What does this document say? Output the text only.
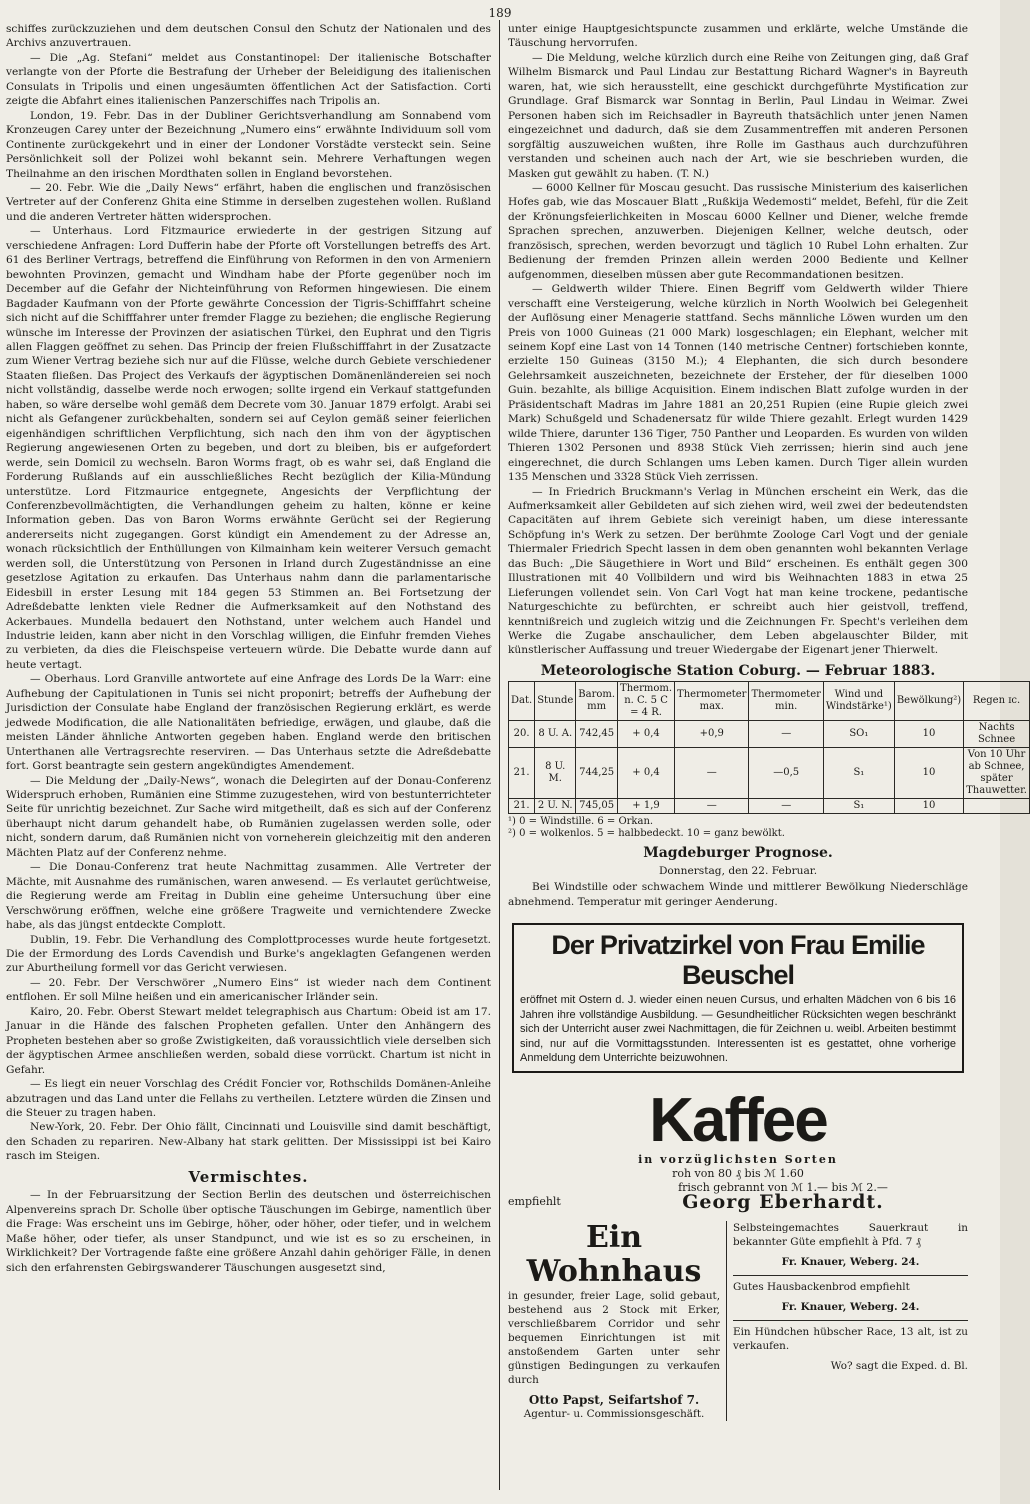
189

schiffes zurückzuziehen und dem deutschen Consul den Schutz der Nationalen und des Archivs anzuvertrauen.

— Die „Ag. Stefani“ meldet aus Constantinopel: Der italienische Botschafter verlangte von der Pforte die Bestrafung der Urheber der Beleidigung des italienischen Consulats in Tripolis und einen ungesäumten öffentlichen Act der Satisfaction. Corti zeigte die Abfahrt eines italienischen Panzerschiffes nach Tripolis an.

London, 19. Febr. Das in der Dubliner Gerichtsverhandlung am Sonnabend vom Kronzeugen Carey unter der Bezeichnung „Numero eins“ erwähnte Individuum soll vom Continente zurückgekehrt und in einer der Londoner Vorstädte versteckt sein. Seine Persönlichkeit soll der Polizei wohl bekannt sein. Mehrere Verhaftungen wegen Theilnahme an den irischen Mordthaten sollen in England bevorstehen.

— 20. Febr. Wie die „Daily News“ erfährt, haben die englischen und französischen Vertreter auf der Conferenz Ghita eine Stimme in derselben zugestehen wollen. Rußland und die anderen Vertreter hätten widersprochen.

— Unterhaus. Lord Fitzmaurice erwiederte in der gestrigen Sitzung auf verschiedene Anfragen: Lord Dufferin habe der Pforte oft Vorstellungen betreffs des Art. 61 des Berliner Vertrags, betreffend die Einführung von Reformen in den von Armeniern bewohnten Provinzen, gemacht und Windham habe der Pforte gegenüber noch im December auf die Gefahr der Nichteinführung von Reformen hingewiesen. Die einem Bagdader Kaufmann von der Pforte gewährte Concession der Tigris-Schifffahrt scheine sich nicht auf die Schifffahrer unter fremder Flagge zu beziehen; die englische Regierung wünsche im Interesse der Provinzen der asiatischen Türkei, den Euphrat und den Tigris allen Flaggen geöffnet zu sehen. Das Princip der freien Flußschifffahrt in der Zusatzacte zum Wiener Vertrag beziehe sich nur auf die Flüsse, welche durch Gebiete verschiedener Staaten fließen. Das Project des Verkaufs der ägyptischen Domänenländereien sei noch nicht vollständig, dasselbe werde noch erwogen; sollte irgend ein Verkauf stattgefunden haben, so wäre derselbe wohl gemäß dem Decrete vom 30. Januar 1879 erfolgt. Arabi sei nicht als Gefangener zurückbehalten, sondern sei auf Ceylon gemäß seiner feierlichen eigenhändigen schriftlichen Verpflichtung, sich nach den ihm von der ägyptischen Regierung angewiesenen Orten zu begeben, und dort zu bleiben, bis er aufgefordert werde, sein Domicil zu wechseln. Baron Worms fragt, ob es wahr sei, daß England die Forderung Rußlands auf ein ausschließliches Recht bezüglich der Kilia-Mündung unterstütze. Lord Fitzmaurice entgegnete, Angesichts der Verpflichtung der Conferenzbevollmächtigten, die Verhandlungen geheim zu halten, könne er keine Information geben. Das von Baron Worms erwähnte Gerücht sei der Regierung andererseits nicht zugegangen. Gorst kündigt ein Amendement zu der Adresse an, wonach rücksichtlich der Enthüllungen von Kilmainham kein weiterer Versuch gemacht werden soll, die Unterstützung von Personen in Irland durch Zugeständnisse an eine gesetzlose Agitation zu erkaufen. Das Unterhaus nahm dann die parlamentarische Eidesbill in erster Lesung mit 184 gegen 53 Stimmen an. Bei Fortsetzung der Adreßdebatte lenkten viele Redner die Aufmerksamkeit auf den Nothstand des Ackerbaues. Mundella bedauert den Nothstand, unter welchem auch Handel und Industrie leiden, kann aber nicht in den Vorschlag willigen, die Einfuhr fremden Viehes zu verbieten, da dies die Fleischspeise verteuern würde. Die Debatte wurde dann auf heute vertagt.

— Oberhaus. Lord Granville antwortete auf eine Anfrage des Lords De la Warr: eine Aufhebung der Capitulationen in Tunis sei nicht proponirt; betreffs der Aufhebung der Jurisdiction der Consulate habe England der französischen Regierung erklärt, es werde jedwede Modification, die alle Nationalitäten befriedige, erwägen, und glaube, daß die meisten Länder ähnliche Antworten gegeben haben. England werde den britischen Unterthanen alle Vertragsrechte reserviren. — Das Unterhaus setzte die Adreßdebatte fort. Gorst beantragte sein gestern angekündigtes Amendement.

— Die Meldung der „Daily-News“, wonach die Delegirten auf der Donau-Conferenz Widerspruch erhoben, Rumänien eine Stimme zuzugestehen, wird von bestunterrichteter Seite für unrichtig bezeichnet. Zur Sache wird mitgetheilt, daß es sich auf der Conferenz überhaupt nicht darum gehandelt habe, ob Rumänien zugelassen werden solle, oder nicht, sondern darum, daß Rumänien nicht von vorneherein gleichzeitig mit den anderen Mächten Platz auf der Conferenz nehme.

— Die Donau-Conferenz trat heute Nachmittag zusammen. Alle Vertreter der Mächte, mit Ausnahme des rumänischen, waren anwesend. — Es verlautet gerüchtweise, die Regierung werde am Freitag in Dublin eine geheime Untersuchung über eine Verschwörung eröffnen, welche eine größere Tragweite und vernichtendere Zwecke habe, als das jüngst entdeckte Complott.

Dublin, 19. Febr. Die Verhandlung des Complottprocesses wurde heute fortgesetzt. Die der Ermordung des Lords Cavendish und Burke's angeklagten Gefangenen werden zur Aburtheilung formell vor das Gericht verwiesen.

— 20. Febr. Der Verschwörer „Numero Eins“ ist wieder nach dem Continent entflohen. Er soll Milne heißen und ein americanischer Irländer sein.

Kairo, 20. Febr. Oberst Stewart meldet telegraphisch aus Chartum: Obeid ist am 17. Januar in die Hände des falschen Propheten gefallen. Unter den Anhängern des Propheten bestehen aber so große Zwistigkeiten, daß voraussichtlich viele derselben sich der ägyptischen Armee anschließen werden, sobald diese vorrückt. Chartum ist nicht in Gefahr.

— Es liegt ein neuer Vorschlag des Crédit Foncier vor, Rothschilds Domänen-Anleihe abzutragen und das Land unter die Fellahs zu vertheilen. Letztere würden die Zinsen und die Steuer zu tragen haben.

New-York, 20. Febr. Der Ohio fällt, Cincinnati und Louisville sind damit beschäftigt, den Schaden zu repariren. New-Albany hat stark gelitten. Der Mississippi ist bei Kairo rasch im Steigen.

Vermischtes.

— In der Februarsitzung der Section Berlin des deutschen und österreichischen Alpenvereins sprach Dr. Scholle über optische Täuschungen im Gebirge, namentlich über die Frage: Was erscheint uns im Gebirge, höher, oder höher, oder tiefer, und in welchem Maße höher, oder tiefer, als unser Standpunct, und wie ist es so zu erscheinen, in Wirklichkeit? Der Vortragende faßte eine größere Anzahl dahin gehöriger Fälle, in denen sich den erfahrensten Gebirgswanderer Täuschungen ausgesetzt sind,

unter einige Hauptgesichtspuncte zusammen und erklärte, welche Umstände die Täuschung hervorrufen.

— Die Meldung, welche kürzlich durch eine Reihe von Zeitungen ging, daß Graf Wilhelm Bismarck und Paul Lindau zur Bestattung Richard Wagner's in Bayreuth waren, hat, wie sich herausstellt, eine geschickt durchgeführte Mystification zur Grundlage. Graf Bismarck war Sonntag in Berlin, Paul Lindau in Weimar. Zwei Personen haben sich im Reichsadler in Bayreuth thatsächlich unter jenen Namen eingezeichnet und dadurch, daß sie dem Zusammentreffen mit anderen Personen sorgfältig auszuweichen wußten, ihre Rolle im Gasthaus auch durchzuführen verstanden und scheinen auch nach der Art, wie sie beschrieben wurden, die Masken gut gewählt zu haben. (T. N.)

— 6000 Kellner für Moscau gesucht. Das russische Ministerium des kaiserlichen Hofes gab, wie das Moscauer Blatt „Rußkija Wedemosti“ meldet, Befehl, für die Zeit der Krönungsfeierlichkeiten in Moscau 6000 Kellner und Diener, welche fremde Sprachen sprechen, anzuwerben. Diejenigen Kellner, welche deutsch, oder französisch, sprechen, werden bevorzugt und täglich 10 Rubel Lohn erhalten. Zur Bedienung der fremden Prinzen allein werden 2000 Bediente und Kellner aufgenommen, dieselben müssen aber gute Recommandationen besitzen.

— Geldwerth wilder Thiere. Einen Begriff vom Geldwerth wilder Thiere verschafft eine Versteigerung, welche kürzlich in North Woolwich bei Gelegenheit der Auflösung einer Menagerie stattfand. Sechs männliche Löwen wurden um den Preis von 1000 Guineas (21 000 Mark) losgeschlagen; ein Elephant, welcher mit seinem Kopf eine Last von 14 Tonnen (140 metrische Centner) fortschieben konnte, erzielte 150 Guineas (3150 M.); 4 Elephanten, die sich durch besondere Gelehrsamkeit auszeichneten, bezeichnete der Ersteher, der für dieselben 1000 Guin. bezahlte, als billige Acquisition. Einem indischen Blatt zufolge wurden in der Präsidentschaft Madras im Jahre 1881 an 20,251 Rupien (eine Rupie gleich zwei Mark) Schußgeld und Schadenersatz für wilde Thiere gezahlt. Erlegt wurden 1429 wilde Thiere, darunter 136 Tiger, 750 Panther und Leoparden. Es wurden von wilden Thieren 1302 Personen und 8938 Stück Vieh zerrissen; hierin sind auch jene eingerechnet, die durch Schlangen ums Leben kamen. Durch Tiger allein wurden 135 Menschen und 3328 Stück Vieh zerrissen.

— In Friedrich Bruckmann's Verlag in München erscheint ein Werk, das die Aufmerksamkeit aller Gebildeten auf sich ziehen wird, weil zwei der bedeutendsten Capacitäten auf ihrem Gebiete sich vereinigt haben, um diese interessante Schöpfung in's Werk zu setzen. Der berühmte Zoologe Carl Vogt und der geniale Thiermaler Friedrich Specht lassen in dem oben genannten wohl bekannten Verlage das Buch: „Die Säugethiere in Wort und Bild“ erscheinen. Es enthält gegen 300 Illustrationen mit 40 Vollbildern und wird bis Weihnachten 1883 in etwa 25 Lieferungen vollendet sein. Von Carl Vogt hat man keine trockene, pedantische Naturgeschichte zu befürchten, er schreibt auch hier geistvoll, treffend, kenntnißreich und zugleich witzig und die Zeichnungen Fr. Specht's verleihen dem Werke die Zugabe anschaulicher, dem Leben abgelauschter Bilder, mit künstlerischer Auffassung und treuer Wiedergabe der Eigenart jener Thierwelt.

Meteorologische Station Coburg. — Februar 1883.
Dat.	Stunde	Barom. mm	Thermom. n. C. 5 C = 4 R.	Thermometer max.	Thermometer min.	Wind und Windstärke¹)	Bewölkung²)	Regen ɪc.
20.	8 U. A.	742,45	+ 0,4	+0,9	—	SO₁	10	Nachts Schnee
21.	8 U. M.	744,25	+ 0,4	—	—0,5	S₁	10	Von 10 Uhr ab Schnee, später Thauwetter.
21.	2 U. N.	745,05	+ 1,9	—	—	S₁	10	

¹) 0 = Windstille. 6 = Orkan.

²) 0 = wolkenlos. 5 = halbbedeckt. 10 = ganz bewölkt.

Magdeburger Prognose.

Donnerstag, den 22. Februar.

Bei Windstille oder schwachem Winde und mittlerer Bewölkung Niederschläge abnehmend. Temperatur mit geringer Aenderung.

Der Privatzirkel von Frau Emilie Beuschel

eröffnet mit Ostern d. J. wieder einen neuen Cursus, und erhalten Mädchen von 6 bis 16 Jahren ihre vollständige Ausbildung. — Gesundheitlicher Rücksichten wegen beschränkt sich der Unterricht auser zwei Nachmittagen, die für Zeichnen u. weibl. Arbeiten bestimmt sind, nur auf die Vormittagsstunden. Interessenten ist es gestattet, ohne vorherige Anmeldung dem Unterrichte beizuwohnen.

Kaffee

in vorzüglichsten Sorten

roh von 80 ₰ bis ℳ 1.60

empfiehlt

frisch gebrannt von ℳ 1.— bis ℳ 2.—

Georg Eberhardt.

Ein Wohnhaus

in gesunder, freier Lage, solid gebaut, bestehend aus 2 Stock mit Erker, verschließbarem Corridor und sehr bequemen Einrichtungen ist mit anstoßendem Garten unter sehr günstigen Bedingungen zu verkaufen durch

Otto Papst, Seifartshof 7.

Agentur- u. Commissionsgeschäft.

Selbsteingemachtes Sauerkraut in bekannter Güte empfiehlt à Pfd. 7 ₰

Fr. Knauer, Weberg. 24.

Gutes Hausbackenbrod empfiehlt

Fr. Knauer, Weberg. 24.

Ein Hündchen hübscher Race, 13 alt, ist zu verkaufen.

Wo? sagt die Exped. d. Bl.
